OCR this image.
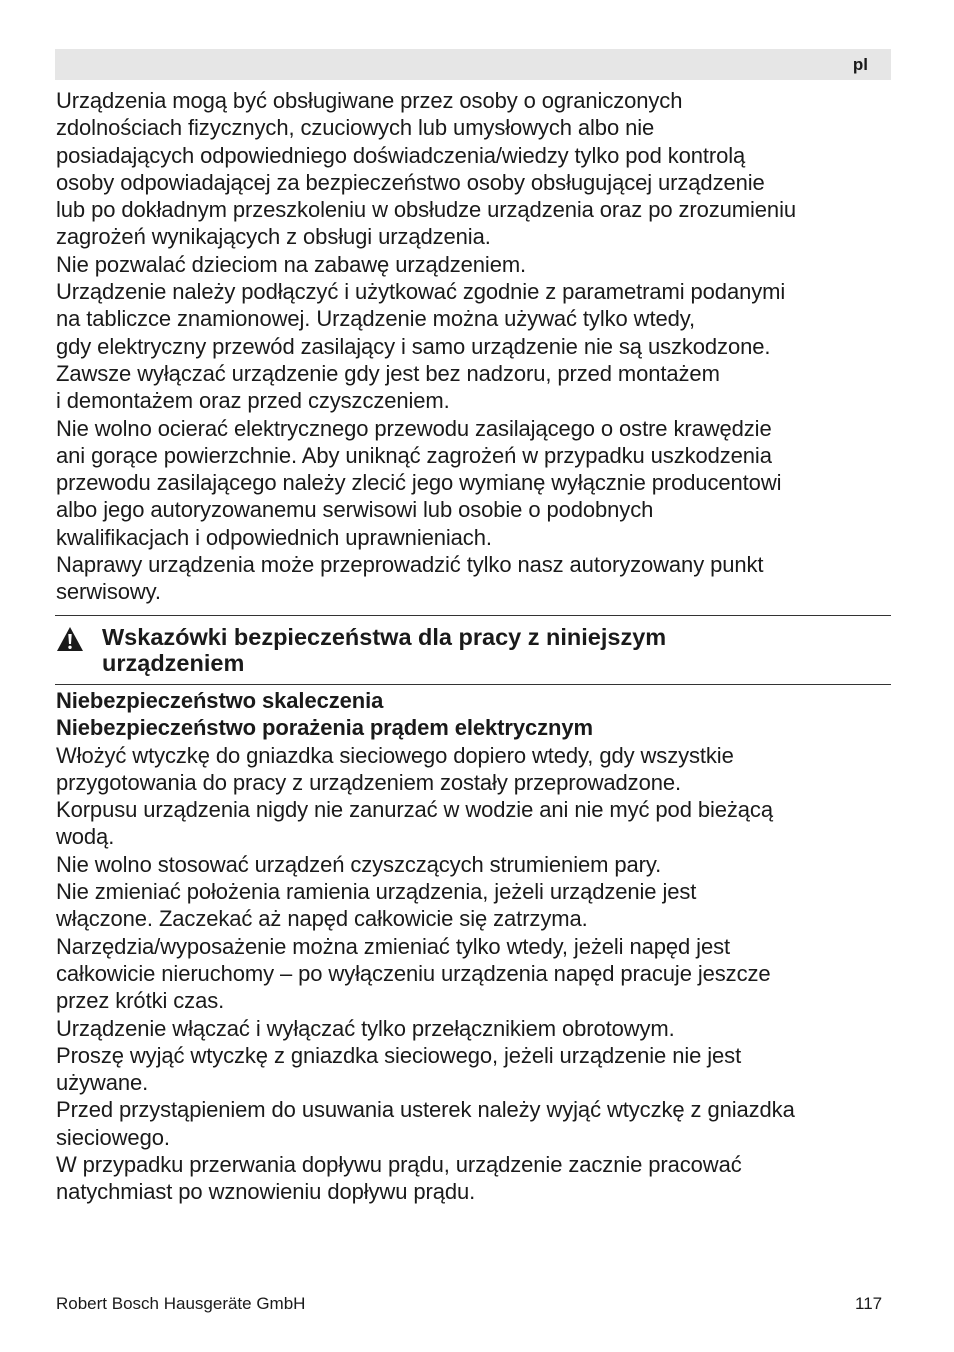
pl

Urządzenia mogą być obsługiwane przez osoby o ograniczonych

zdolnościach fizycznych, czuciowych lub umysłowych albo nie

posiadających odpowiedniego doświadczenia/wiedzy tylko pod kontrolą

osoby odpowiadającej za bezpieczeństwo osoby obsługującej urządzenie

lub po dokładnym przeszkoleniu w obsłudze urządzenia oraz po zrozumieniu

zagrożeń wynikających z obsługi urządzenia.

Nie pozwalać dzieciom na zabawę urządzeniem.

Urządzenie należy podłączyć i użytkować zgodnie z parametrami podanymi

na tabliczce znamionowej. Urządzenie można używać tylko wtedy,

gdy elektryczny przewód zasilający i samo urządzenie nie są uszkodzone.

Zawsze wyłączać urządzenie gdy jest bez nadzoru, przed montażem

i demontażem oraz przed czyszczeniem.

Nie wolno ocierać elektrycznego przewodu zasilającego o ostre krawędzie

ani gorące powierzchnie. Aby uniknąć zagrożeń w przypadku uszkodzenia

przewodu zasilającego należy zlecić jego wymianę wyłącznie producentowi

albo jego autoryzowanemu serwisowi lub osobie o podobnych

kwalifikacjach i odpowiednich uprawnieniach.

Naprawy urządzenia może przeprowadzić tylko nasz autoryzowany punkt

serwisowy.

Wskazówki bezpieczeństwa dla pracy z niniejszym
urządzeniem

Niebezpieczeństwo skaleczenia

Niebezpieczeństwo porażenia prądem elektrycznym

Włożyć wtyczkę do gniazdka sieciowego dopiero wtedy, gdy wszystkie

przygotowania do pracy z urządzeniem zostały przeprowadzone.

Korpusu urządzenia nigdy nie zanurzać w wodzie ani nie myć pod bieżącą

wodą.

Nie wolno stosować urządzeń czyszczących strumieniem pary.

Nie zmieniać położenia ramienia urządzenia, jeżeli urządzenie jest

włączone. Zaczekać aż napęd całkowicie się zatrzyma.

Narzędzia/wyposażenie można zmieniać tylko wtedy, jeżeli napęd jest

całkowicie nieruchomy – po wyłączeniu urządzenia napęd pracuje jeszcze

przez krótki czas.

Urządzenie włączać i wyłączać tylko przełącznikiem obrotowym.

Proszę wyjąć wtyczkę z gniazdka sieciowego, jeżeli urządzenie nie jest

używane.

Przed przystąpieniem do usuwania usterek należy wyjąć wtyczkę z gniazdka

sieciowego.

W przypadku przerwania dopływu prądu, urządzenie zacznie pracować

natychmiast po wznowieniu dopływu prądu.

Robert Bosch Hausgeräte GmbH	117
